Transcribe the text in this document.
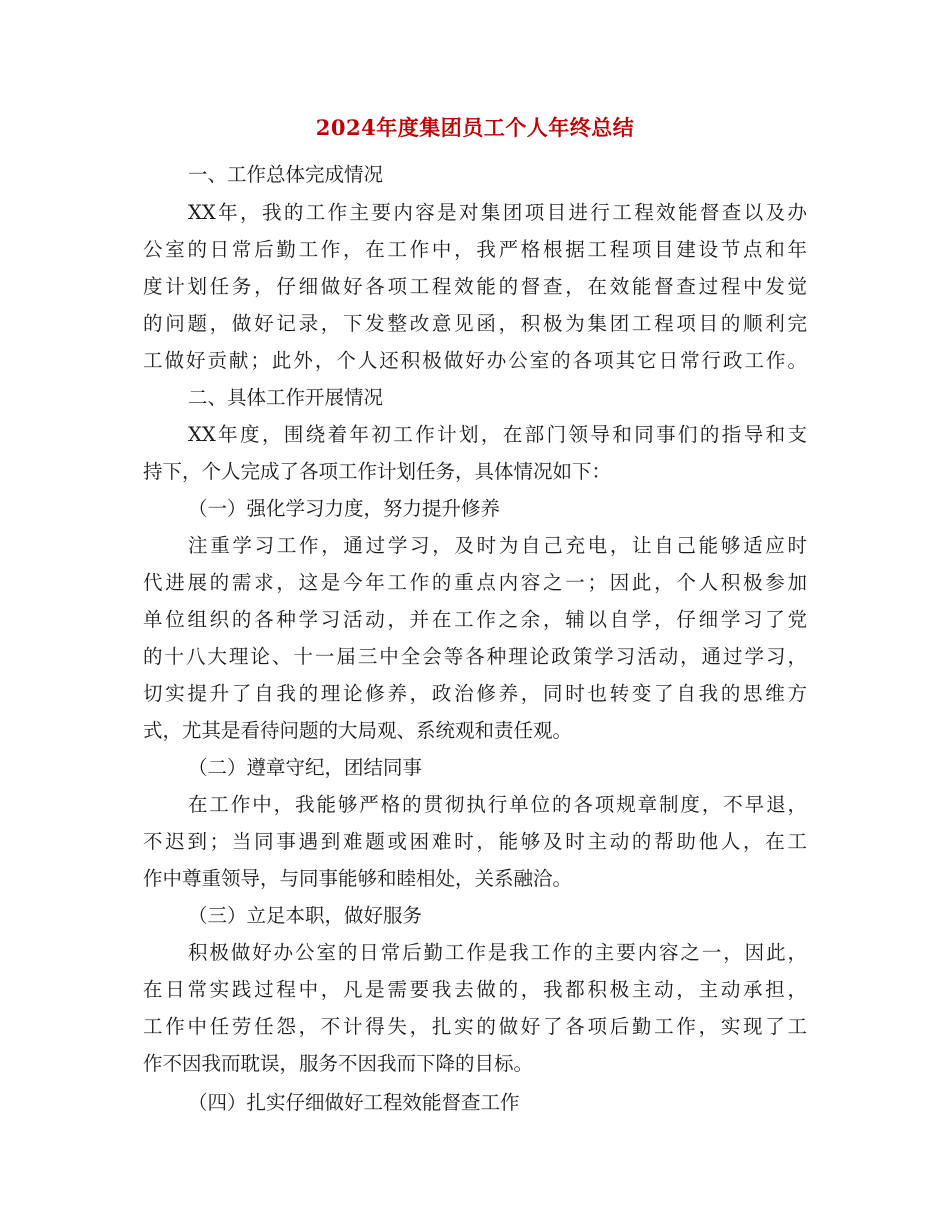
2024年度集团员工个人年终总结
一、工作总体完成情况
XX年，我的工作主要内容是对集团项目进行工程效能督查以及办
公室的日常后勤工作，在工作中，我严格根据工程项目建设节点和年
度计划任务，仔细做好各项工程效能的督查，在效能督查过程中发觉
的问题，做好记录，下发整改意见函，积极为集团工程项目的顺利完
工做好贡献；此外，个人还积极做好办公室的各项其它日常行政工作。
二、具体工作开展情况
XX年度，围绕着年初工作计划，在部门领导和同事们的指导和支
持下，个人完成了各项工作计划任务，具体情况如下：
（一）强化学习力度，努力提升修养
注重学习工作，通过学习，及时为自己充电，让自己能够适应时
代进展的需求，这是今年工作的重点内容之一；因此，个人积极参加
单位组织的各种学习活动，并在工作之余，辅以自学，仔细学习了党
的十八大理论、十一届三中全会等各种理论政策学习活动，通过学习，
切实提升了自我的理论修养，政治修养，同时也转变了自我的思维方
式，尤其是看待问题的大局观、系统观和责任观。
（二）遵章守纪，团结同事
在工作中，我能够严格的贯彻执行单位的各项规章制度，不早退，
不迟到；当同事遇到难题或困难时，能够及时主动的帮助他人，在工
作中尊重领导，与同事能够和睦相处，关系融洽。
（三）立足本职，做好服务
积极做好办公室的日常后勤工作是我工作的主要内容之一，因此，
在日常实践过程中，凡是需要我去做的，我都积极主动，主动承担，
工作中任劳任怨，不计得失，扎实的做好了各项后勤工作，实现了工
作不因我而耽误，服务不因我而下降的目标。
（四）扎实仔细做好工程效能督查工作
